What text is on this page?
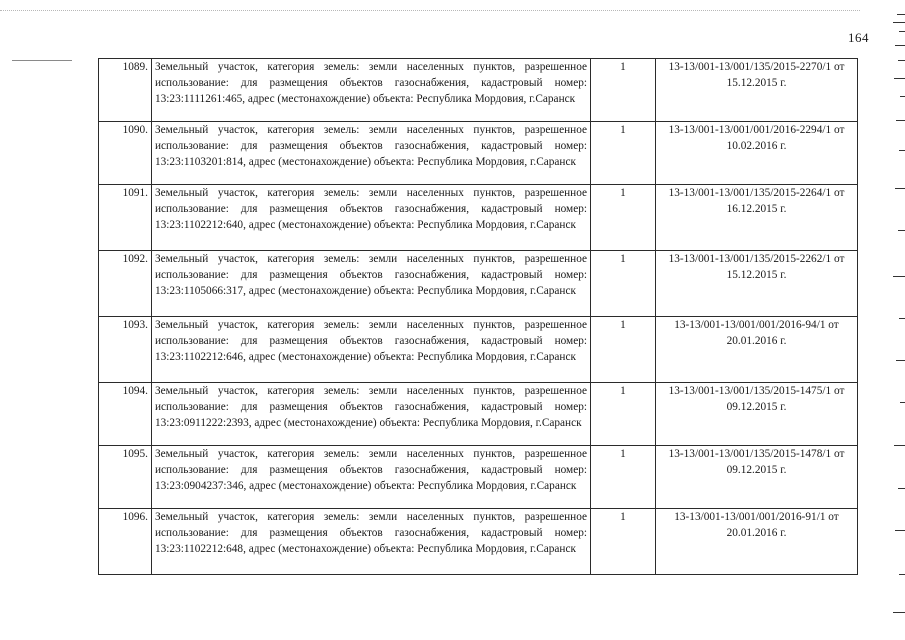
164
1089.	Земельный участок, категория земель: земли населенных пунктов, разрешенное использование: для размещения объектов газоснабжения, кадастровый номер: 13:23:1111261:465, адрес (местонахождение) объекта: Республика Мордовия, г.Саранск	1	13-13/001-13/001/135/2015-2270/1 от 15.12.2015 г.
1090.	Земельный участок, категория земель: земли населенных пунктов, разрешенное использование: для размещения объектов газоснабжения, кадастровый номер: 13:23:1103201:814, адрес (местонахождение) объекта: Республика Мордовия, г.Саранск	1	13-13/001-13/001/001/2016-2294/1 от 10.02.2016 г.
1091.	Земельный участок, категория земель: земли населенных пунктов, разрешенное использование: для размещения объектов газоснабжения, кадастровый номер: 13:23:1102212:640, адрес (местонахождение) объекта: Республика Мордовия, г.Саранск	1	13-13/001-13/001/135/2015-2264/1 от 16.12.2015 г.
1092.	Земельный участок, категория земель: земли населенных пунктов, разрешенное использование: для размещения объектов газоснабжения, кадастровый номер: 13:23:1105066:317, адрес (местонахождение) объекта: Республика Мордовия, г.Саранск	1	13-13/001-13/001/135/2015-2262/1 от 15.12.2015 г.
1093.	Земельный участок, категория земель: земли населенных пунктов, разрешенное использование: для размещения объектов газоснабжения, кадастровый номер: 13:23:1102212:646, адрес (местонахождение) объекта: Республика Мордовия, г.Саранск	1	13-13/001-13/001/001/2016-94/1 от 20.01.2016 г.
1094.	Земельный участок, категория земель: земли населенных пунктов, разрешенное использование: для размещения объектов газоснабжения, кадастровый номер: 13:23:0911222:2393, адрес (местонахождение) объекта: Республика Мордовия, г.Саранск	1	13-13/001-13/001/135/2015-1475/1 от 09.12.2015 г.
1095.	Земельный участок, категория земель: земли населенных пунктов, разрешенное использование: для размещения объектов газоснабжения, кадастровый номер: 13:23:0904237:346, адрес (местонахождение) объекта: Республика Мордовия, г.Саранск	1	13-13/001-13/001/135/2015-1478/1 от 09.12.2015 г.
1096.	Земельный участок, категория земель: земли населенных пунктов, разрешенное использование: для размещения объектов газоснабжения, кадастровый номер: 13:23:1102212:648, адрес (местонахождение) объекта: Республика Мордовия, г.Саранск	1	13-13/001-13/001/001/2016-91/1 от 20.01.2016 г.
